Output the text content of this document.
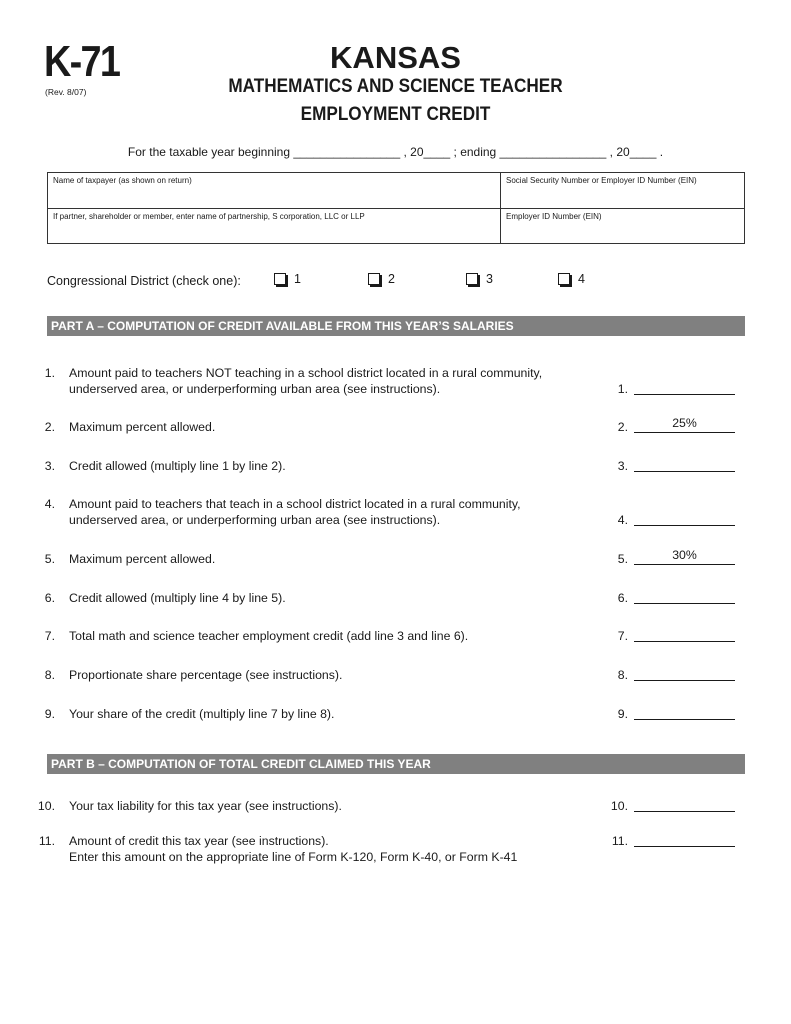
K-71
(Rev. 8/07)
KANSAS
MATHEMATICS AND SCIENCE TEACHER
EMPLOYMENT CREDIT
For the taxable year beginning ________________ , 20____ ; ending ________________ , 20____ .
Name of taxpayer (as shown on return)	Social Security Number or Employer ID Number (EIN)
If partner, shareholder or member, enter name of partnership, S corporation, LLC or LLP	Employer ID Number (EIN)
Congressional District (check one):	1	2	3	4
PART A – COMPUTATION OF CREDIT AVAILABLE FROM THIS YEAR’S SALARIES
1. Amount paid to teachers NOT teaching in a school district located in a rural community,
underserved area, or underperforming urban area (see instructions).	1.
2. Maximum percent allowed.	2.	25%
3. Credit allowed (multiply line 1 by line 2).	3.
4. Amount paid to teachers that teach in a school district located in a rural community,
underserved area, or underperforming urban area (see instructions).	4.
5. Maximum percent allowed.	5.	30%
6. Credit allowed (multiply line 4 by line 5).	6.
7. Total math and science teacher employment credit (add line 3 and line 6).	7.
8. Proportionate share percentage (see instructions).	8.
9. Your share of the credit (multiply line 7 by line 8).	9.
PART B – COMPUTATION OF TOTAL CREDIT CLAIMED THIS YEAR
10. Your tax liability for this tax year (see instructions).	10.
11. Amount of credit this tax year (see instructions).
Enter this amount on the appropriate line of Form K-120, Form K-40, or Form K-41
11.
